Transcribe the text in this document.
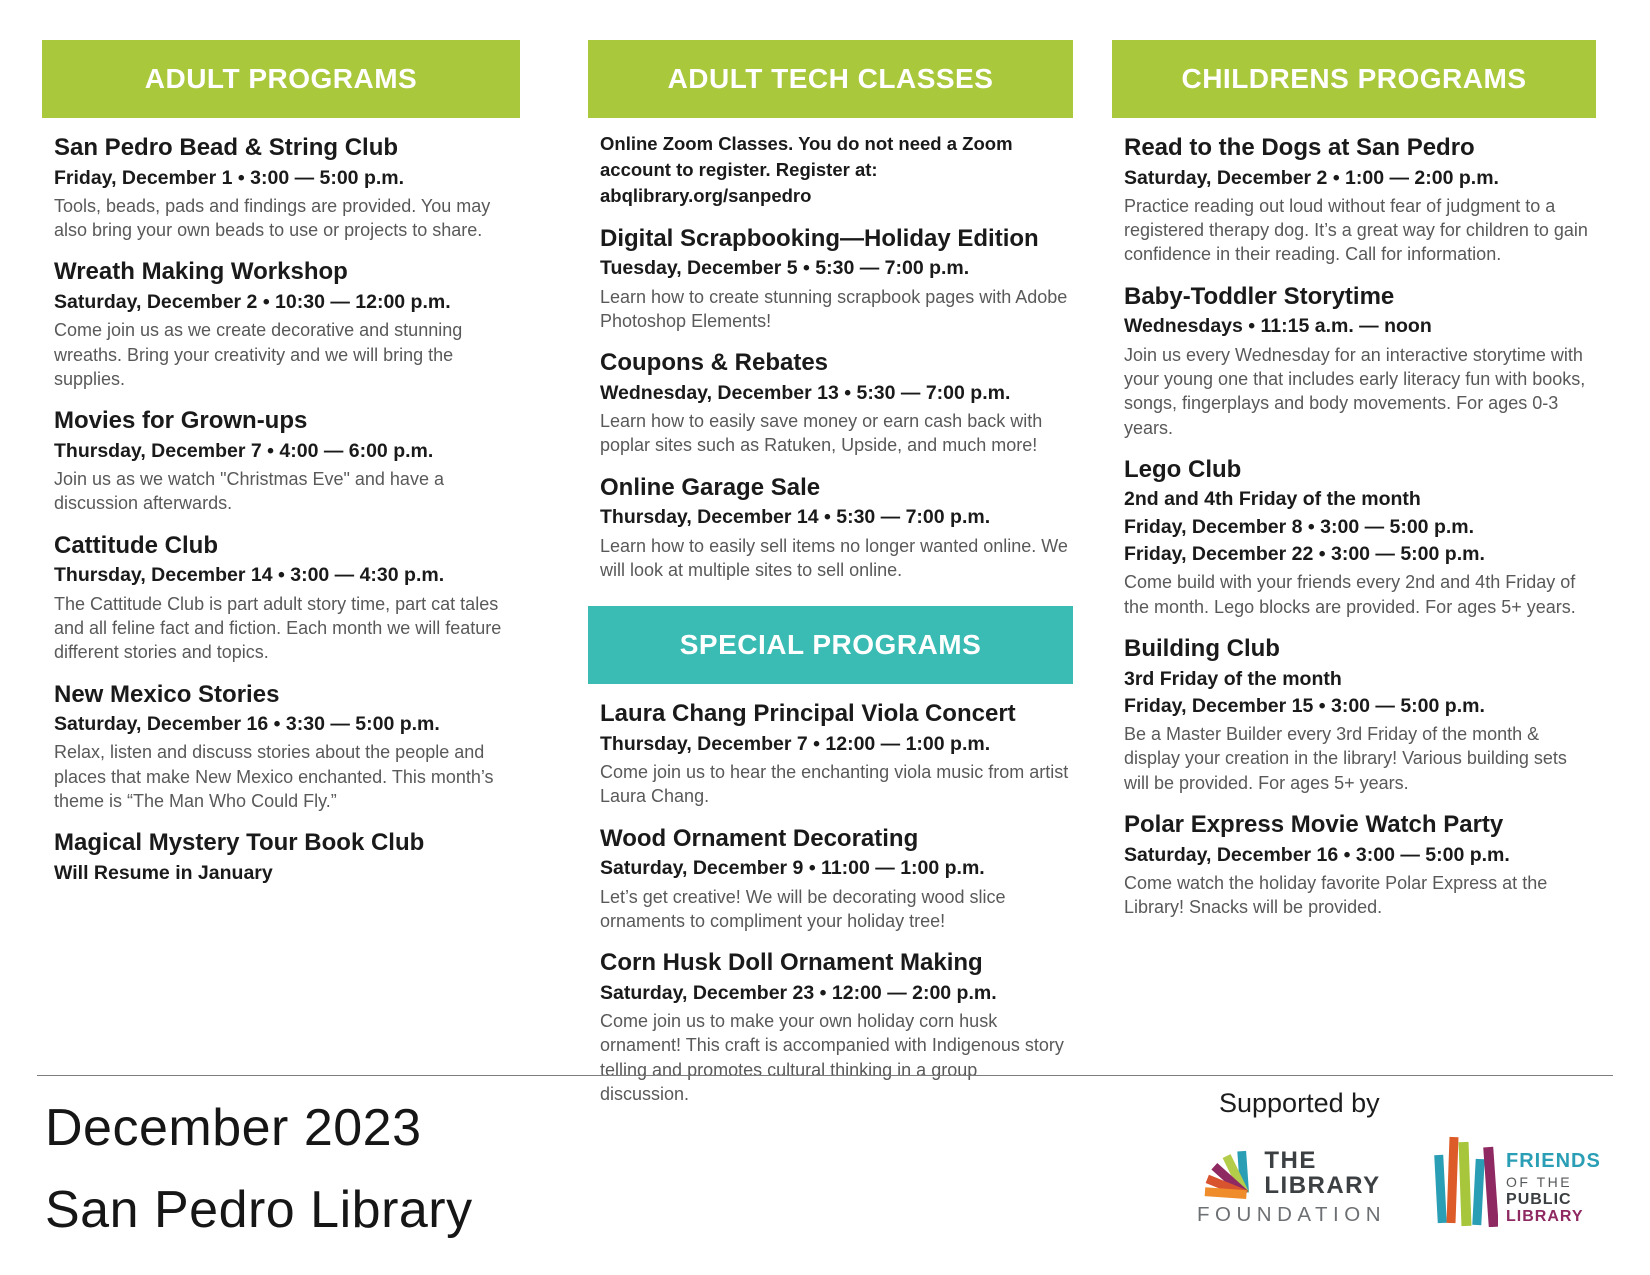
ADULT PROGRAMS
San Pedro Bead & String Club

Friday, December 1 • 3:00 — 5:00 p.m.

Tools, beads, pads and findings are provided. You may also bring your own beads to use or projects to share.

Wreath Making Workshop

Saturday, December 2 • 10:30 — 12:00 p.m.

Come join us as we create decorative and stunning wreaths. Bring your creativity and we will bring the supplies.

Movies for Grown-ups

Thursday, December 7 • 4:00 — 6:00 p.m.

Join us as we watch "Christmas Eve" and have a discussion afterwards.

Cattitude Club

Thursday, December 14 • 3:00 — 4:30 p.m.

The Cattitude Club is part adult story time, part cat tales and all feline fact and fiction. Each month we will feature different stories and topics.

New Mexico Stories

Saturday, December 16 • 3:30 — 5:00 p.m.

Relax, listen and discuss stories about the people and places that make New Mexico enchanted. This month’s theme is “The Man Who Could Fly.”

Magical Mystery Tour Book Club

Will Resume in January

ADULT TECH CLASSES

Online Zoom Classes. You do not need a Zoom account to register. Register at: abqlibrary.org/sanpedro

Digital Scrapbooking—Holiday Edition

Tuesday, December 5 • 5:30 — 7:00 p.m.

Learn how to create stunning scrapbook pages with Adobe Photoshop Elements!

Coupons & Rebates

Wednesday, December 13 • 5:30 — 7:00 p.m.

Learn how to easily save money or earn cash back with poplar sites such as Ratuken, Upside, and much more!

Online Garage Sale

Thursday, December 14 • 5:30 — 7:00 p.m.

Learn how to easily sell items no longer wanted online. We will look at multiple sites to sell online.

SPECIAL PROGRAMS
Laura Chang Principal Viola Concert

Thursday, December 7 • 12:00 — 1:00 p.m.

Come join us to hear the enchanting viola music from artist Laura Chang.

Wood Ornament Decorating

Saturday, December 9 • 11:00 — 1:00 p.m.

Let’s get creative! We will be decorating wood slice ornaments to compliment your holiday tree!

Corn Husk Doll Ornament Making

Saturday, December 23 • 12:00 — 2:00 p.m.

Come join us to make your own holiday corn husk ornament! This craft is accompanied with Indigenous story telling and promotes cultural thinking in a group discussion.

CHILDRENS PROGRAMS
Read to the Dogs at San Pedro

Saturday, December 2 • 1:00 — 2:00 p.m.

Practice reading out loud without fear of judgment to a registered therapy dog. It’s a great way for children to gain confidence in their reading. Call for information.

Baby-Toddler Storytime

Wednesdays • 11:15 a.m. — noon

Join us every Wednesday for an interactive storytime with your young one that includes early literacy fun with books, songs, fingerplays and body movements. For ages 0-3 years.

Lego Club

2nd and 4th Friday of the month

Friday, December 8 • 3:00 — 5:00 p.m.

Friday, December 22 • 3:00 — 5:00 p.m.

Come build with your friends every 2nd and 4th Friday of the month. Lego blocks are provided. For ages 5+ years.

Building Club

3rd Friday of the month

Friday, December 15 • 3:00 — 5:00 p.m.

Be a Master Builder every 3rd Friday of the month & display your creation in the library! Various building sets will be provided. For ages 5+ years.

Polar Express Movie Watch Party

Saturday, December 16 • 3:00 — 5:00 p.m.

Come watch the holiday favorite Polar Express at the Library! Snacks will be provided.

December 2023
San Pedro Library
Supported by
THE
LIBRARY
FOUNDATION
FRIENDS
OF THE
PUBLIC
LIBRARY
